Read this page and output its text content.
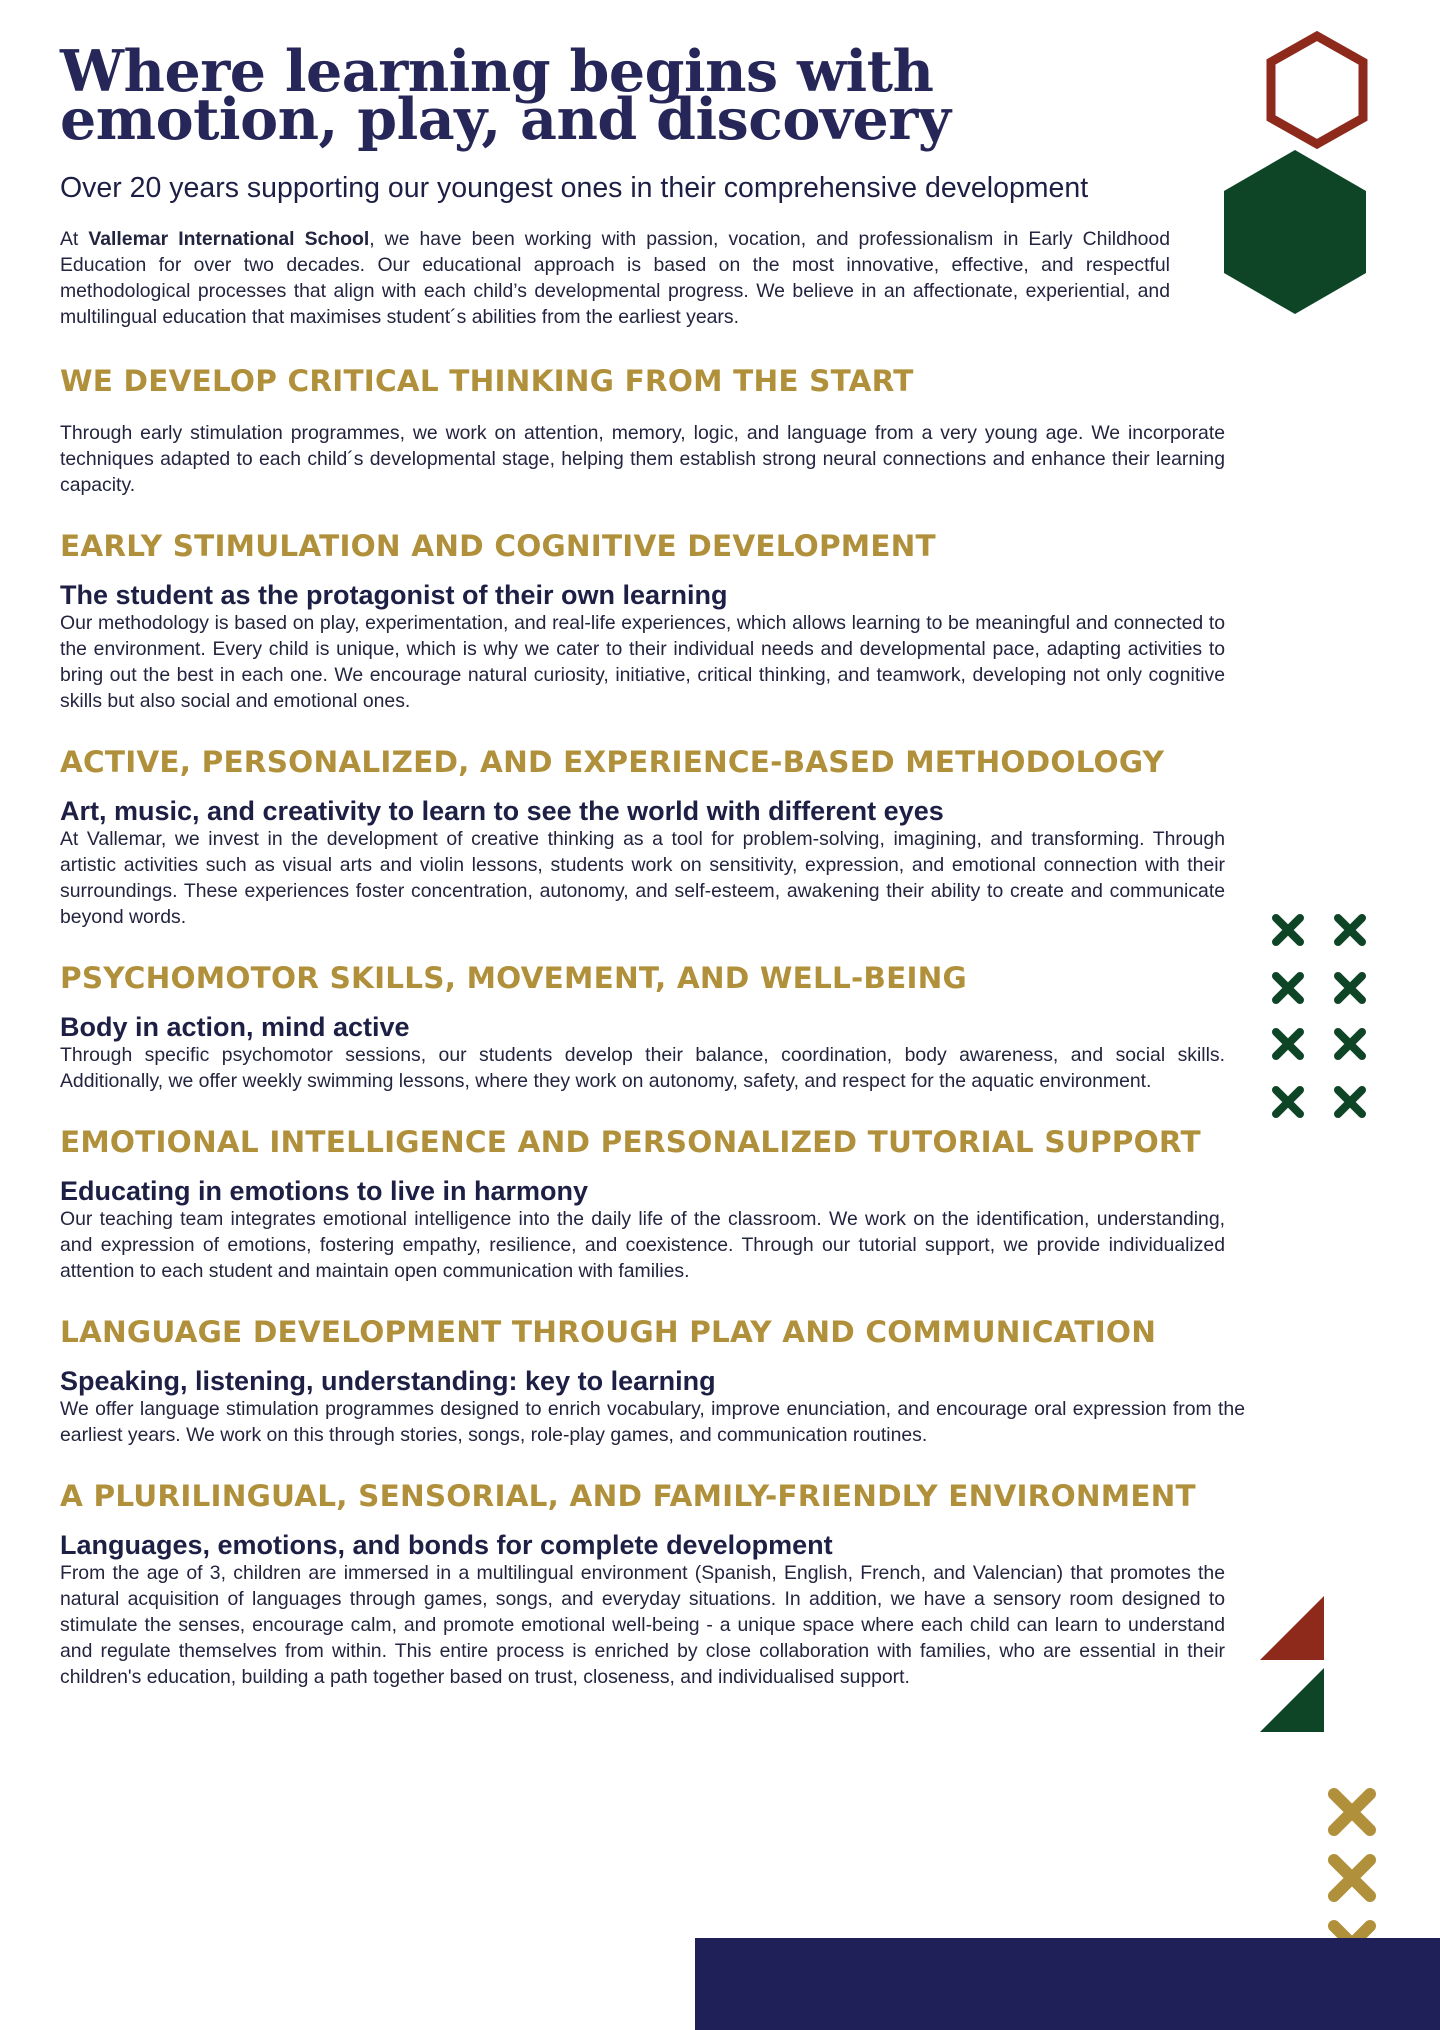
Where learning begins with emotion, play, and discovery

Over 20 years supporting our youngest ones in their comprehensive development

At Vallemar International School, we have been working with passion, vocation, and professionalism in Early Childhood Education for over two decades. Our educational approach is based on the most innovative, effective, and respectful methodological processes that align with each child’s developmental progress. We believe in an affectionate, experiential, and multilingual education that maximises student´s abilities from the earliest years.

WE DEVELOP CRITICAL THINKING FROM THE START

Through early stimulation programmes, we work on attention, memory, logic, and language from a very young age. We incorporate techniques adapted to each child´s developmental stage, helping them establish strong neural connections and enhance their learning capacity.

EARLY STIMULATION AND COGNITIVE DEVELOPMENT
The student as the protagonist of their own learning

Our methodology is based on play, experimentation, and real-life experiences, which allows learning to be meaningful and connected to the environment. Every child is unique, which is why we cater to their individual needs and developmental pace, adapting activities to bring out the best in each one. We encourage natural curiosity, initiative, critical thinking, and teamwork, developing not only cognitive skills but also social and emotional ones.

ACTIVE, PERSONALIZED, AND EXPERIENCE-BASED METHODOLOGY
Art, music, and creativity to learn to see the world with different eyes

At Vallemar, we invest in the development of creative thinking as a tool for problem-solving, imagining, and transforming. Through artistic activities such as visual arts and violin lessons, students work on sensitivity, expression, and emotional connection with their surroundings. These experiences foster concentration, autonomy, and self-esteem, awakening their ability to create and communicate beyond words.

PSYCHOMOTOR SKILLS, MOVEMENT, AND WELL-BEING
Body in action, mind active

Through specific psychomotor sessions, our students develop their balance, coordination, body awareness, and social skills. Additionally, we offer weekly swimming lessons, where they work on autonomy, safety, and respect for the aquatic environment.

EMOTIONAL INTELLIGENCE AND PERSONALIZED TUTORIAL SUPPORT
Educating in emotions to live in harmony

Our teaching team integrates emotional intelligence into the daily life of the classroom. We work on the identification, understanding, and expression of emotions, fostering empathy, resilience, and coexistence. Through our tutorial support, we provide individualized attention to each student and maintain open communication with families.

LANGUAGE DEVELOPMENT THROUGH PLAY AND COMMUNICATION
Speaking, listening, understanding: key to learning

We offer language stimulation programmes designed to enrich vocabulary, improve enunciation, and encourage oral expression from the earliest years. We work on this through stories, songs, role-play games, and communication routines.

A PLURILINGUAL, SENSORIAL, AND FAMILY-FRIENDLY ENVIRONMENT
Languages, emotions, and bonds for complete development

From the age of 3, children are immersed in a multilingual environment (Spanish, English, French, and Valencian) that promotes the natural acquisition of languages through games, songs, and everyday situations. In addition, we have a sensory room designed to stimulate the senses, encourage calm, and promote emotional well-being - a unique space where each child can learn to understand and regulate themselves from within. This entire process is enriched by close collaboration with families, who are essential in their children's education, building a path together based on trust, closeness, and individualised support.
